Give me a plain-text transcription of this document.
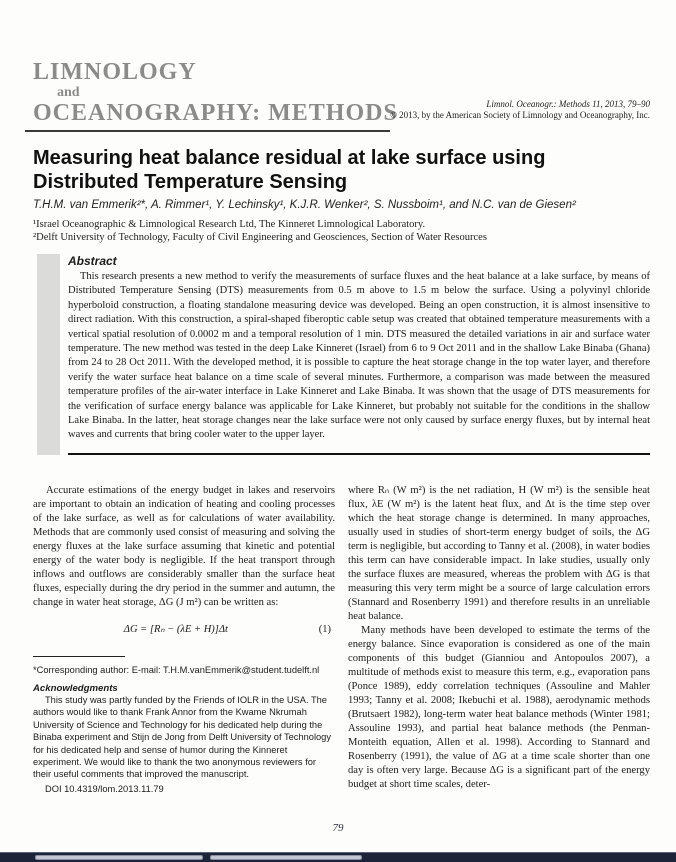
LIMNOLOGY
and
OCEANOGRAPHY: METHODS	Limnol. Oceanogr.: Methods 11, 2013, 79–90
© 2013, by the American Society of Limnology and Oceanography, Inc.
Measuring heat balance residual at lake surface using Distributed Temperature Sensing
T.H.M. van Emmerik²*, A. Rimmer¹, Y. Lechinsky¹, K.J.R. Wenker², S. Nussboim¹, and N.C. van de Giesen²
¹Israel Oceanographic & Limnological Research Ltd, The Kinneret Limnological Laboratory.
²Delft University of Technology, Faculty of Civil Engineering and Geosciences, Section of Water Resources
Abstract
This research presents a new method to verify the measurements of surface fluxes and the heat balance at a lake surface, by means of Distributed Temperature Sensing (DTS) measurements from 0.5 m above to 1.5 m below the surface. Using a polyvinyl chloride hyperboloid construction, a floating standalone measuring device was developed. Being an open construction, it is almost insensitive to direct radiation. With this construction, a spiral-shaped fiberoptic cable setup was created that obtained temperature measurements with a vertical spatial resolution of 0.0002 m and a temporal resolution of 1 min. DTS measured the detailed variations in air and surface water temperature. The new method was tested in the deep Lake Kinneret (Israel) from 6 to 9 Oct 2011 and in the shallow Lake Binaba (Ghana) from 24 to 28 Oct 2011. With the developed method, it is possible to capture the heat storage change in the top water layer, and therefore verify the water surface heat balance on a time scale of several minutes. Furthermore, a comparison was made between the measured temperature profiles of the air-water interface in Lake Kinneret and Lake Binaba. It was shown that the usage of DTS measurements for the verification of surface energy balance was applicable for Lake Kinneret, but probably not suitable for the conditions in the shallow Lake Binaba. In the latter, heat storage changes near the lake surface were not only caused by surface energy fluxes, but by internal heat waves and currents that bring cooler water to the upper layer.

Accurate estimations of the energy budget in lakes and reservoirs are important to obtain an indication of heating and cooling processes of the lake surface, as well as for calculations of water availability. Methods that are commonly used consist of measuring and solving the energy fluxes at the lake surface assuming that kinetic and potential energy of the water body is negligible. If the heat transport through inflows and outflows are considerably smaller than the surface heat fluxes, especially during the dry period in the summer and autumn, the change in water heat storage, ΔG (J m²) can be written as:

ΔG = [Rₙ − (λE + H)]Δt	(1)
*Corresponding author: E-mail: T.H.M.vanEmmerik@student.tudelft.nl
Acknowledgments
This study was partly funded by the Friends of IOLR in the USA. The authors would like to thank Frank Annor from the Kwame Nkrumah University of Science and Technology for his dedicated help during the Binaba experiment and Stijn de Jong from Delft University of Technology for his dedicated help and sense of humor during the Kinneret experiment. We would like to thank the two anonymous reviewers for their useful comments that improved the manuscript.
DOI 10.4319/lom.2013.11.79

where Rₙ (W m²) is the net radiation, H (W m²) is the sensible heat flux, λE (W m²) is the latent heat flux, and Δt is the time step over which the heat storage change is determined. In many approaches, usually used in studies of short-term energy budget of soils, the ΔG term is negligible, but according to Tanny et al. (2008), in water bodies this term can have considerable impact. In lake studies, usually only the surface fluxes are measured, whereas the problem with ΔG is that measuring this very term might be a source of large calculation errors (Stannard and Rosenberry 1991) and therefore results in an unreliable heat balance.

Many methods have been developed to estimate the terms of the energy balance. Since evaporation is considered as one of the main components of this budget (Gianniou and Antopoulos 2007), a multitude of methods exist to measure this term, e.g., evaporation pans (Ponce 1989), eddy correlation techniques (Assouline and Mahler 1993; Tanny et al. 2008; Ikebuchi et al. 1988), aerodynamic methods (Brutsaert 1982), long-term water heat balance methods (Winter 1981; Assouline 1993), and partial heat balance methods (the Penman-Monteith equation, Allen et al. 1998). According to Stannard and Rosenberry (1991), the value of ΔG at a time scale shorter than one day is often very large. Because ΔG is a significant part of the energy budget at short time scales, deter-

79
